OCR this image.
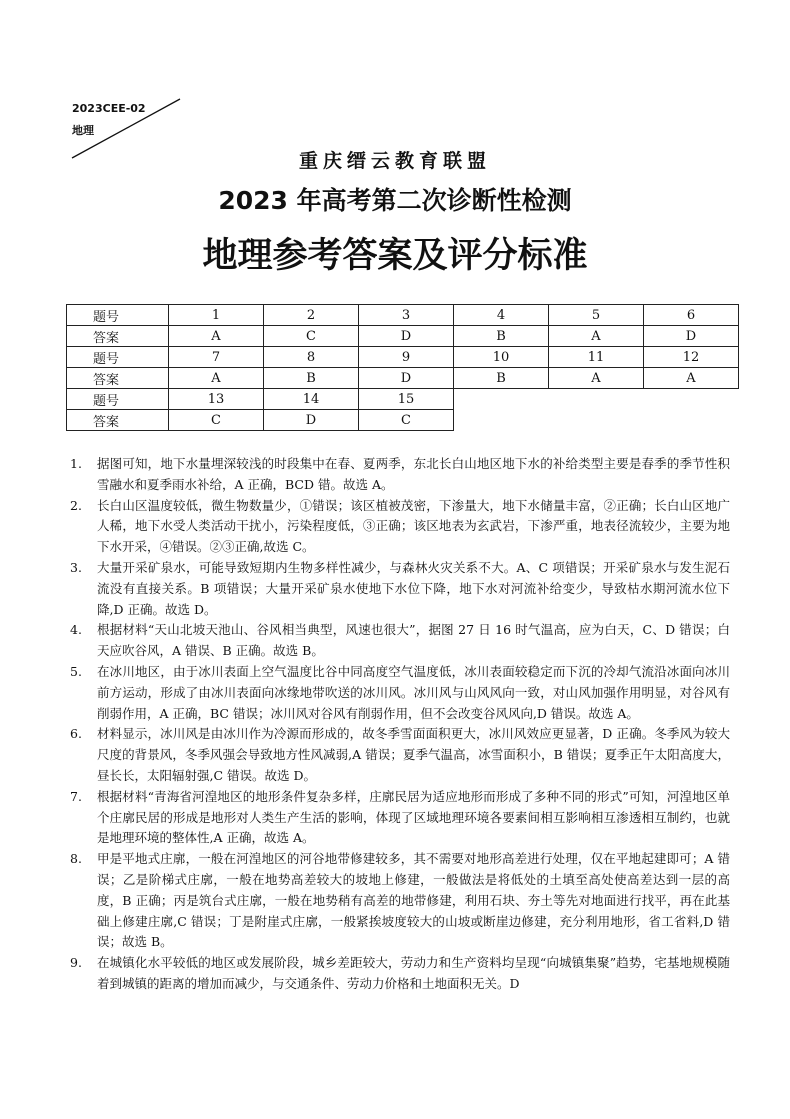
2023CEE-02
地理
重庆缙云教育联盟
2023 年高考第二次诊断性检测
地理参考答案及评分标准
题号	1	2	3	4	5	6
答案	A	C	D	B	A	D
题号	7	8	9	10	11	12
答案	A	B	D	B	A	A
题号	13	14	15			
答案	C	D	C			
1. 据图可知，地下水量埋深较浅的时段集中在春、夏两季，东北长白山地区地下水的补给类型主要是春季的季节性积雪融水和夏季雨水补给，A 正确，BCD 错。故选 A。
2. 长白山区温度较低，微生物数量少，①错误；该区植被茂密，下渗量大，地下水储量丰富，②正确；长白山区地广人稀，地下水受人类活动干扰小，污染程度低，③正确；该区地表为玄武岩，下渗严重，地表径流较少，主要为地下水开采，④错误。②③正确,故选 C。
3. 大量开采矿泉水，可能导致短期内生物多样性减少，与森林火灾关系不大。A、C 项错误；开采矿泉水与发生泥石流没有直接关系。B 项错误；大量开采矿泉水使地下水位下降，地下水对河流补给变少，导致枯水期河流水位下降,D 正确。故选 D。
4. 根据材料“天山北坡天池山、谷风相当典型，风速也很大”，据图 27 日 16 时气温高，应为白天，C、D 错误；白天应吹谷风，A 错误、B 正确。故选 B。
5. 在冰川地区，由于冰川表面上空气温度比谷中同高度空气温度低，冰川表面较稳定而下沉的冷却气流沿冰面向冰川前方运动，形成了由冰川表面向冰缘地带吹送的冰川风。冰川风与山风风向一致，对山风加强作用明显，对谷风有削弱作用，A 正确，BC 错误；冰川风对谷风有削弱作用，但不会改变谷风风向,D 错误。故选 A。
6. 材料显示，冰川风是由冰川作为冷源而形成的，故冬季雪面面积更大，冰川风效应更显著，D 正确。冬季风为较大尺度的背景风，冬季风强会导致地方性风减弱,A 错误；夏季气温高，冰雪面积小，B 错误；夏季正午太阳高度大，昼长长，太阳辐射强,C 错误。故选 D。
7. 根据材料“青海省河湟地区的地形条件复杂多样，庄廓民居为适应地形而形成了多种不同的形式”可知，河湟地区单个庄廓民居的形成是地形对人类生产生活的影响，体现了区域地理环境各要素间相互影响相互渗透相互制约，也就是地理环境的整体性,A 正确，故选 A。
8. 甲是平地式庄廓，一般在河湟地区的河谷地带修建较多，其不需要对地形高差进行处理，仅在平地起建即可；A 错误；乙是阶梯式庄廓，一般在地势高差较大的坡地上修建，一般做法是将低处的土填至高处使高差达到一层的高度，B 正确；丙是筑台式庄廓，一般在地势稍有高差的地带修建，利用石块、夯土等先对地面进行找平，再在此基础上修建庄廓,C 错误；丁是附崖式庄廓，一般紧挨坡度较大的山坡或断崖边修建，充分利用地形，省工省料,D 错误；故选 B。
9. 在城镇化水平较低的地区或发展阶段，城乡差距较大，劳动力和生产资料均呈现“向城镇集聚”趋势，宅基地规模随着到城镇的距离的增加而减少，与交通条件、劳动力价格和土地面积无关。D
